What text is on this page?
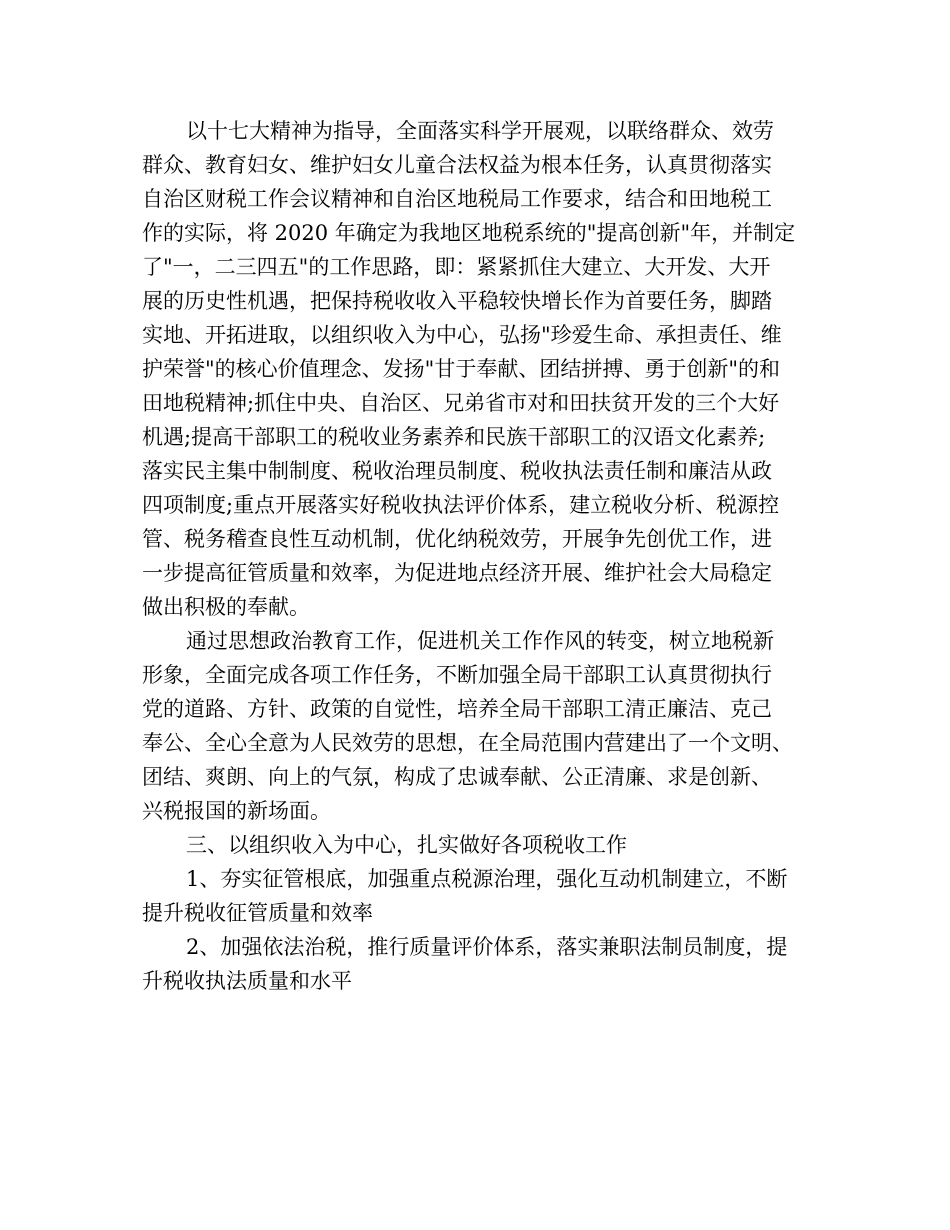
以十七大精神为指导，全面落实科学开展观，以联络群众、效劳
群众、教育妇女、维护妇女儿童合法权益为根本任务，认真贯彻落实
自治区财税工作会议精神和自治区地税局工作要求，结合和田地税工
作的实际，将 2020 年确定为我地区地税系统的"提高创新"年，并制定
了"一，二三四五"的工作思路，即：紧紧抓住大建立、大开发、大开
展的历史性机遇，把保持税收收入平稳较快增长作为首要任务，脚踏
实地、开拓进取，以组织收入为中心，弘扬"珍爱生命、承担责任、维
护荣誉"的核心价值理念、发扬"甘于奉献、团结拼搏、勇于创新"的和
田地税精神;抓住中央、自治区、兄弟省市对和田扶贫开发的三个大好
机遇;提高干部职工的税收业务素养和民族干部职工的汉语文化素养;
落实民主集中制制度、税收治理员制度、税收执法责任制和廉洁从政
四项制度;重点开展落实好税收执法评价体系，建立税收分析、税源控
管、税务稽查良性互动机制，优化纳税效劳，开展争先创优工作，进
一步提高征管质量和效率，为促进地点经济开展、维护社会大局稳定
做出积极的奉献。
通过思想政治教育工作，促进机关工作作风的转变，树立地税新
形象，全面完成各项工作任务，不断加强全局干部职工认真贯彻执行
党的道路、方针、政策的自觉性，培养全局干部职工清正廉洁、克己
奉公、全心全意为人民效劳的思想，在全局范围内营建出了一个文明、
团结、爽朗、向上的气氛，构成了忠诚奉献、公正清廉、求是创新、
兴税报国的新场面。
三、以组织收入为中心，扎实做好各项税收工作
1、夯实征管根底，加强重点税源治理，强化互动机制建立，不断
提升税收征管质量和效率
2、加强依法治税，推行质量评价体系，落实兼职法制员制度，提
升税收执法质量和水平
